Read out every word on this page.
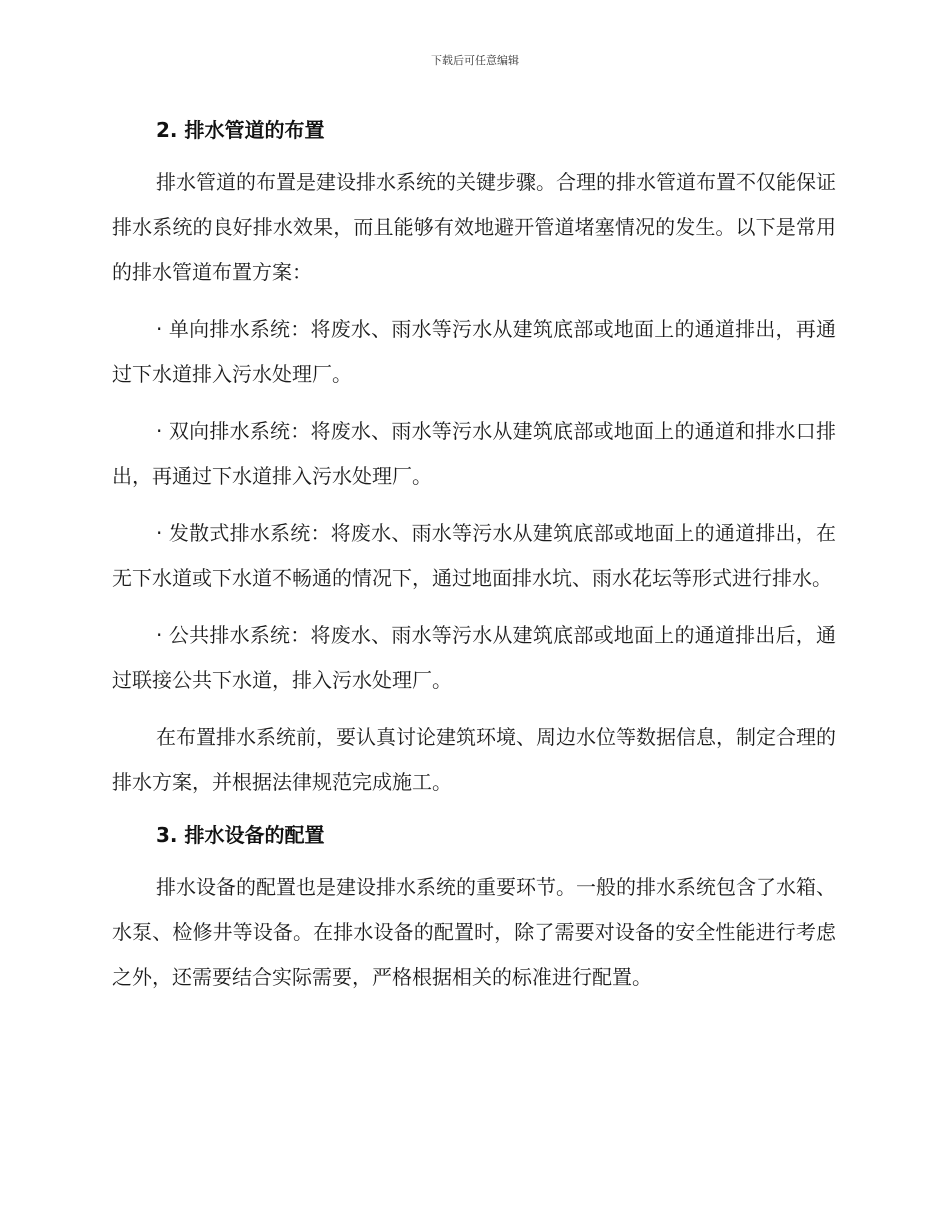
下载后可任意编辑
2. 排水管道的布置

排水管道的布置是建设排水系统的关键步骤。合理的排水管道布置不仅能保证排水系统的良好排水效果，而且能够有效地避开管道堵塞情况的发生。以下是常用的排水管道布置方案：

· 单向排水系统：将废水、雨水等污水从建筑底部或地面上的通道排出，再通过下水道排入污水处理厂。

· 双向排水系统：将废水、雨水等污水从建筑底部或地面上的通道和排水口排出，再通过下水道排入污水处理厂。

· 发散式排水系统：将废水、雨水等污水从建筑底部或地面上的通道排出，在无下水道或下水道不畅通的情况下，通过地面排水坑、雨水花坛等形式进行排水。

· 公共排水系统：将废水、雨水等污水从建筑底部或地面上的通道排出后，通过联接公共下水道，排入污水处理厂。

在布置排水系统前，要认真讨论建筑环境、周边水位等数据信息，制定合理的排水方案，并根据法律规范完成施工。

3. 排水设备的配置

排水设备的配置也是建设排水系统的重要环节。一般的排水系统包含了水箱、水泵、检修井等设备。在排水设备的配置时，除了需要对设备的安全性能进行考虑之外，还需要结合实际需要，严格根据相关的标准进行配置。
